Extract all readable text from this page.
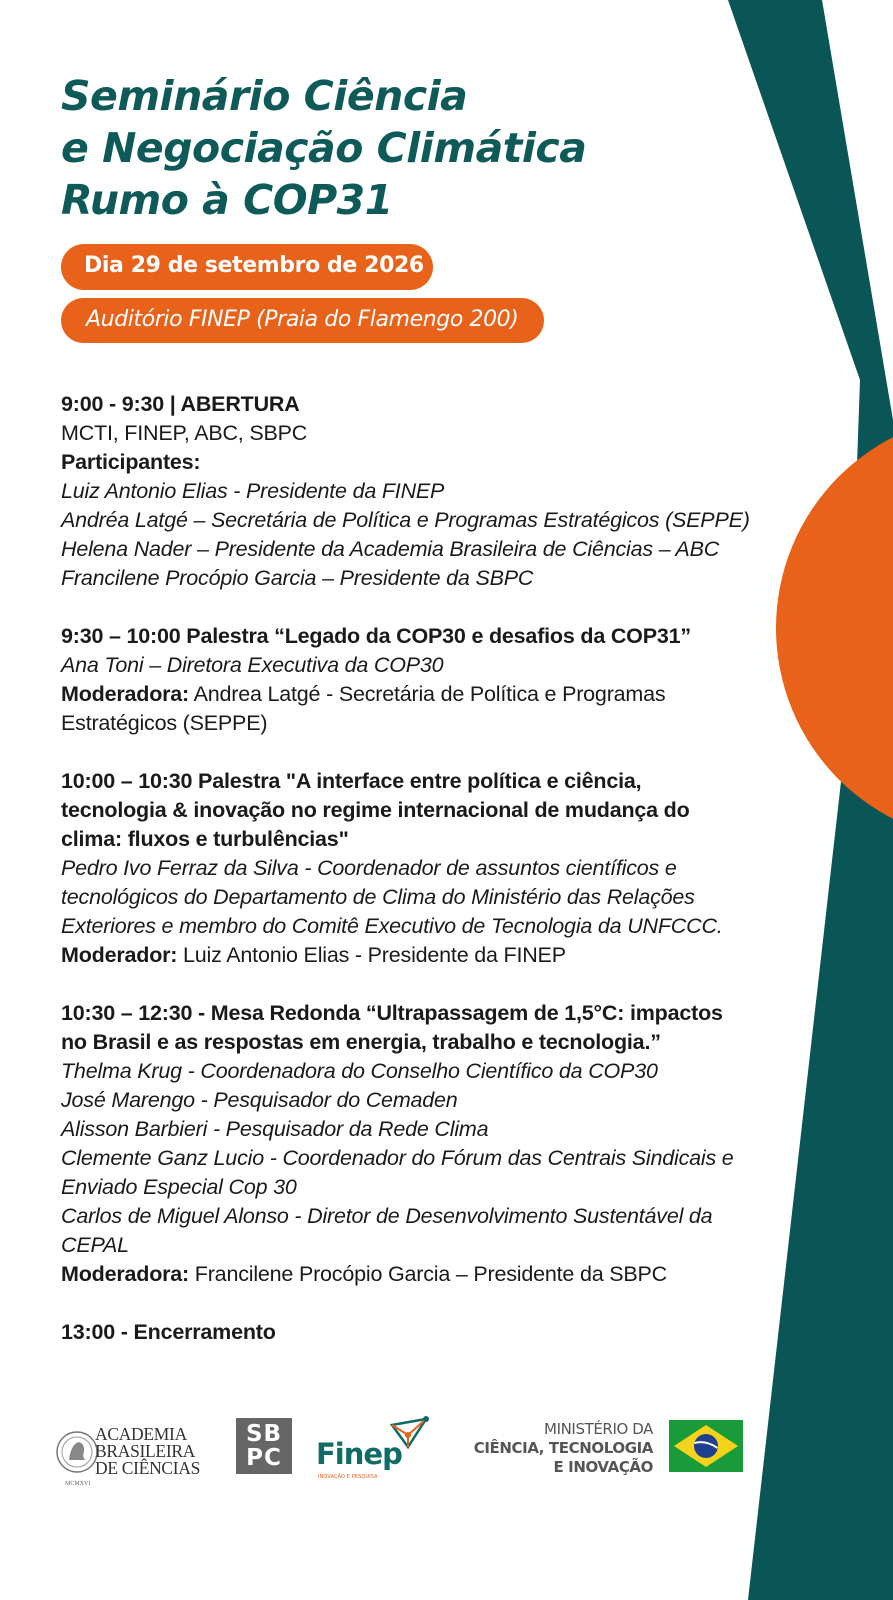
Seminário Ciência
e Negociação Climática
Rumo à COP31
Dia 29 de setembro de 2026
Auditório FINEP (Praia do Flamengo 200)
9:00 - 9:30 | ABERTURA
MCTI, FINEP, ABC, SBPC
Participantes:
Luiz Antonio Elias - Presidente da FINEP
Andréa Latgé – Secretária de Política e Programas Estratégicos (SEPPE)
Helena Nader – Presidente da Academia Brasileira de Ciências – ABC
Francilene Procópio Garcia – Presidente da SBPC
9:30 – 10:00 Palestra “Legado da COP30 e desafios da COP31”
Ana Toni – Diretora Executiva da COP30
Moderadora: Andrea Latgé - Secretária de Política e Programas
Estratégicos (SEPPE)
10:00 – 10:30 Palestra "A interface entre política e ciência,
tecnologia & inovação no regime internacional de mudança do
clima: fluxos e turbulências"
Pedro Ivo Ferraz da Silva - Coordenador de assuntos científicos e
tecnológicos do Departamento de Clima do Ministério das Relações
Exteriores e membro do Comitê Executivo de Tecnologia da UNFCCC.
Moderador: Luiz Antonio Elias - Presidente da FINEP
10:30 – 12:30 - Mesa Redonda “Ultrapassagem de 1,5°C: impactos
no Brasil e as respostas em energia, trabalho e tecnologia.”
Thelma Krug - Coordenadora do Conselho Científico da COP30
José Marengo - Pesquisador do Cemaden
Alisson Barbieri - Pesquisador da Rede Clima
Clemente Ganz Lucio - Coordenador do Fórum das Centrais Sindicais e
Enviado Especial Cop 30
Carlos de Miguel Alonso - Diretor de Desenvolvimento Sustentável da
CEPAL
Moderadora: Francilene Procópio Garcia – Presidente da SBPC
13:00 - Encerramento
ACADEMIA
BRASILEIRA
DE CIÊNCIAS
MCMXVI
SB
PC	Finep
INOVAÇÃO E PESQUISA
MINISTÉRIO DA
CIÊNCIA, TECNOLOGIA
E INOVAÇÃO
